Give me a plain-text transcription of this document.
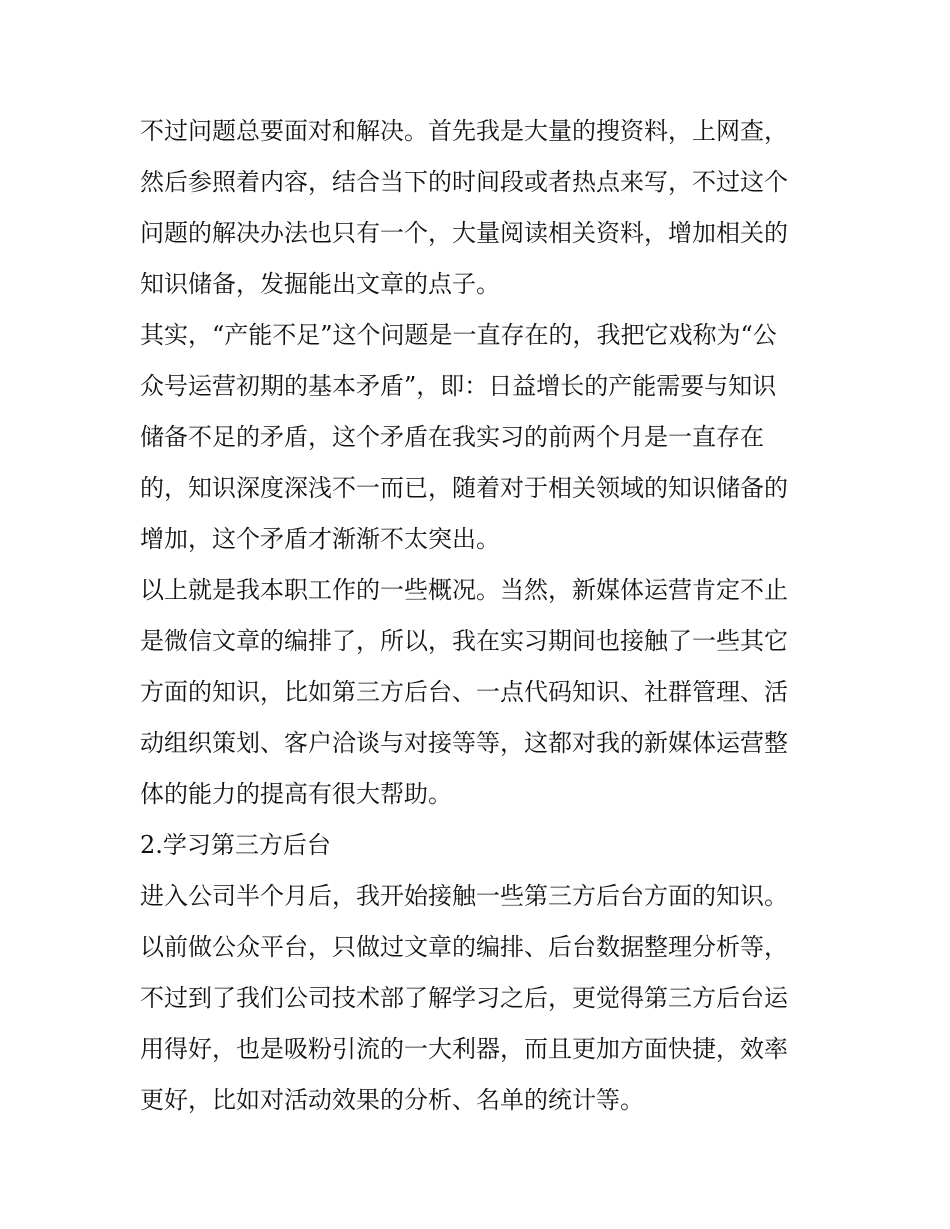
不过问题总要面对和解决。首先我是大量的搜资料，上网查，
然后参照着内容，结合当下的时间段或者热点来写，不过这个
问题的解决办法也只有一个，大量阅读相关资料，增加相关的
知识储备，发掘能出文章的点子。
其实，“产能不足”这个问题是一直存在的，我把它戏称为“公
众号运营初期的基本矛盾”，即：日益增长的产能需要与知识
储备不足的矛盾，这个矛盾在我实习的前两个月是一直存在
的，知识深度深浅不一而已，随着对于相关领域的知识储备的
增加，这个矛盾才渐渐不太突出。
以上就是我本职工作的一些概况。当然，新媒体运营肯定不止
是微信文章的编排了，所以，我在实习期间也接触了一些其它
方面的知识，比如第三方后台、一点代码知识、社群管理、活
动组织策划、客户洽谈与对接等等，这都对我的新媒体运营整
体的能力的提高有很大帮助。
2.学习第三方后台
进入公司半个月后，我开始接触一些第三方后台方面的知识。
以前做公众平台，只做过文章的编排、后台数据整理分析等，
不过到了我们公司技术部了解学习之后，更觉得第三方后台运
用得好，也是吸粉引流的一大利器，而且更加方面快捷，效率
更好，比如对活动效果的分析、名单的统计等。
